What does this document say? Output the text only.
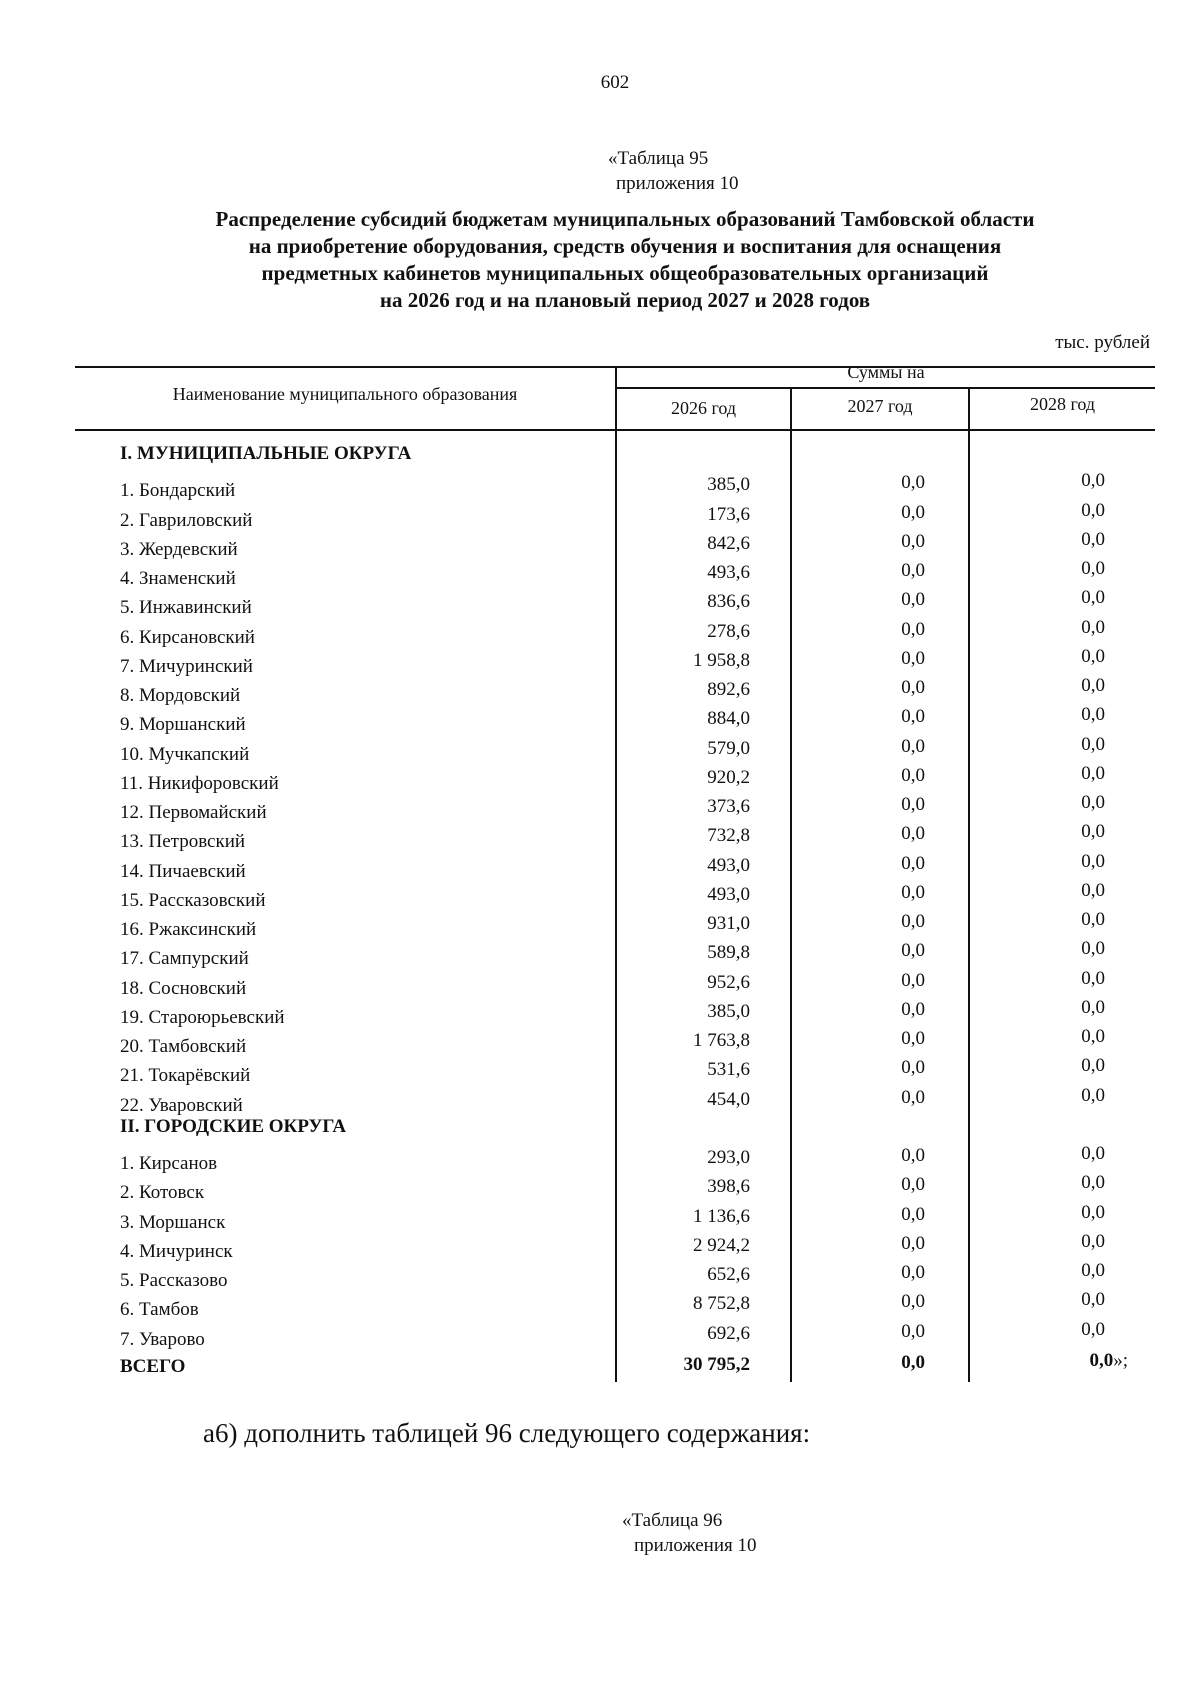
602
«Таблица 95
приложения 10
Распределение субсидий бюджетам муниципальных образований Тамбовской области
на приобретение оборудования, средств обучения и воспитания для оснащения
предметных кабинетов муниципальных общеобразовательных организаций
на 2026 год и на плановый период 2027 и 2028 годов
тыс. рублей
Наименование муниципального образования
Суммы на
2026 год	2027 год	2028 год
I. МУНИЦИПАЛЬНЫЕ ОКРУГА
1. Бондарский	385,0	0,0	0,0
2. Гавриловский	173,6	0,0	0,0
3. Жердевский	842,6	0,0	0,0
4. Знаменский	493,6	0,0	0,0
5. Инжавинский	836,6	0,0	0,0
6. Кирсановский	278,6	0,0	0,0
7. Мичуринский	1 958,8	0,0	0,0
8. Мордовский	892,6	0,0	0,0
9. Моршанский	884,0	0,0	0,0
10. Мучкапский	579,0	0,0	0,0
11. Никифоровский	920,2	0,0	0,0
12. Первомайский	373,6	0,0	0,0
13. Петровский	732,8	0,0	0,0
14. Пичаевский	493,0	0,0	0,0
15. Рассказовский	493,0	0,0	0,0
16. Ржаксинский	931,0	0,0	0,0
17. Сампурский	589,8	0,0	0,0
18. Сосновский	952,6	0,0	0,0
19. Староюрьевский	385,0	0,0	0,0
20. Тамбовский	1 763,8	0,0	0,0
21. Токарёвский	531,6	0,0	0,0
22. Уваровский	454,0	0,0	0,0
II. ГОРОДСКИЕ ОКРУГА
1. Кирсанов	293,0	0,0	0,0
2. Котовск	398,6	0,0	0,0
3. Моршанск	1 136,6	0,0	0,0
4. Мичуринск	2 924,2	0,0	0,0
5. Рассказово	652,6	0,0	0,0
6. Тамбов	8 752,8	0,0	0,0
7. Уварово	692,6	0,0	0,0
ВСЕГО	30 795,2	0,0	0,0»;
а6) дополнить таблицей 96 следующего содержания:
«Таблица 96
приложения 10
